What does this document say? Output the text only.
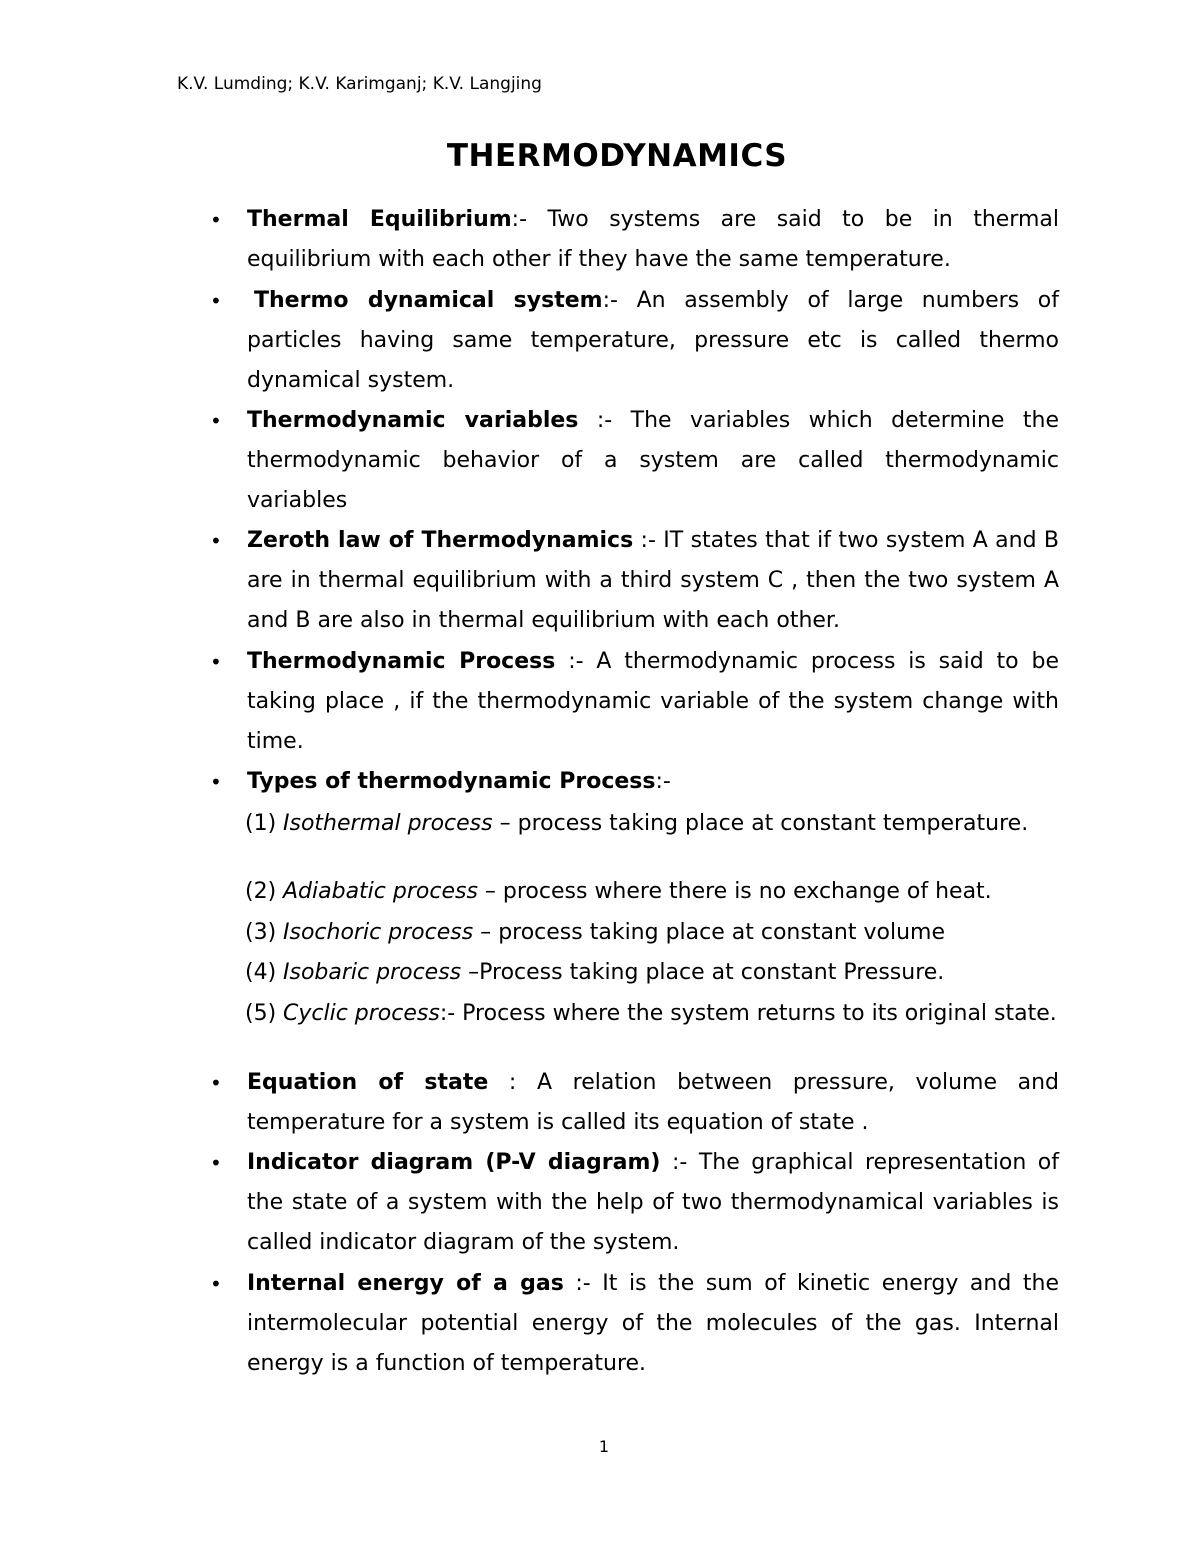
K.V. Lumding; K.V. Karimganj; K.V. Langjing
THERMODYNAMICS
• Thermal Equilibrium:- Two systems are said to be in thermal equilibrium with each other if they have the same temperature.
• Thermo dynamical system:- An assembly of large numbers of particles having same temperature, pressure etc is called thermo dynamical system.
• Thermodynamic variables :- The variables which determine the thermodynamic behavior of a system are called thermodynamic variables
• Zeroth law of Thermodynamics :- IT states that if two system A and B are in thermal equilibrium with a third system C , then the two system A and B are also in thermal equilibrium with each other.
• Thermodynamic Process :- A thermodynamic process is said to be taking place , if the thermodynamic variable of the system change with time.
• Types of thermodynamic Process:-
(1) Isothermal process – process taking place at constant temperature.
(2) Adiabatic process – process where there is no exchange of heat.
(3) Isochoric process – process taking place at constant volume
(4) Isobaric process –Process taking place at constant Pressure.
(5) Cyclic process:- Process where the system returns to its original state.
• Equation of state : A relation between pressure, volume and temperature for a system is called its equation of state .
• Indicator diagram (P-V diagram) :- The graphical representation of the state of a system with the help of two thermodynamical variables is called indicator diagram of the system.
• Internal energy of a gas :- It is the sum of kinetic energy and the intermolecular potential energy of the molecules of the gas. Internal energy is a function of temperature.
1
